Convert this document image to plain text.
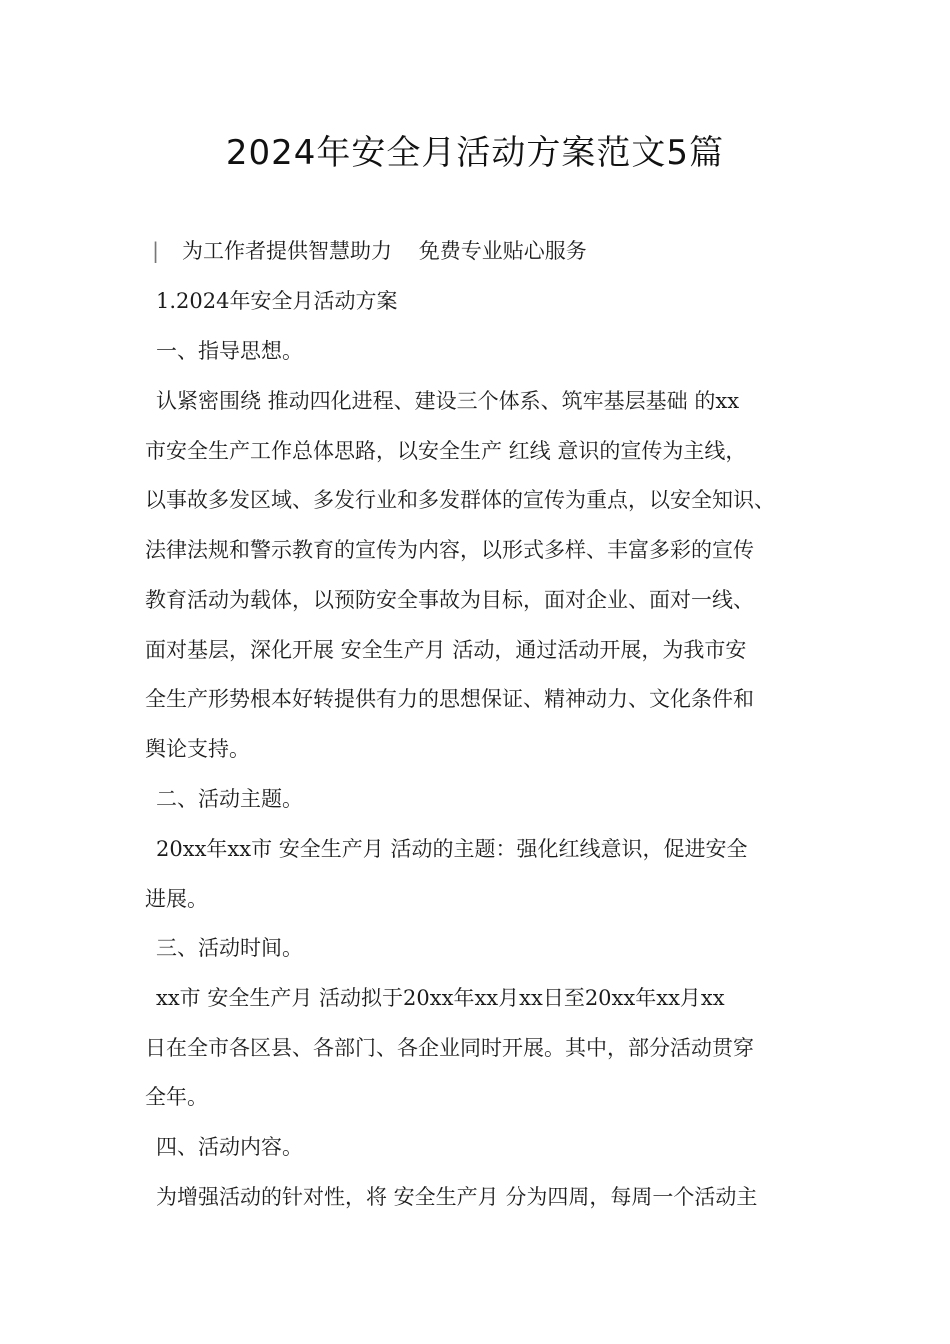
2024年安全月活动方案范文5篇
| 为工作者提供智慧助力    免费专业贴心服务
1.2024年安全月活动方案
一、指导思想。
认紧密围绕 推动四化进程、建设三个体系、筑牢基层基础 的xx
市安全生产工作总体思路，以安全生产 红线 意识的宣传为主线，
以事故多发区域、多发行业和多发群体的宣传为重点，以安全知识、
法律法规和警示教育的宣传为内容，以形式多样、丰富多彩的宣传
教育活动为载体，以预防安全事故为目标，面对企业、面对一线、
面对基层，深化开展 安全生产月 活动，通过活动开展，为我市安
全生产形势根本好转提供有力的思想保证、精神动力、文化条件和
舆论支持。
二、活动主题。
20xx年xx市 安全生产月 活动的主题：强化红线意识，促进安全
进展。
三、活动时间。
xx市 安全生产月 活动拟于20xx年xx月xx日至20xx年xx月xx
日在全市各区县、各部门、各企业同时开展。其中，部分活动贯穿
全年。
四、活动内容。
为增强活动的针对性，将 安全生产月 分为四周，每周一个活动主
